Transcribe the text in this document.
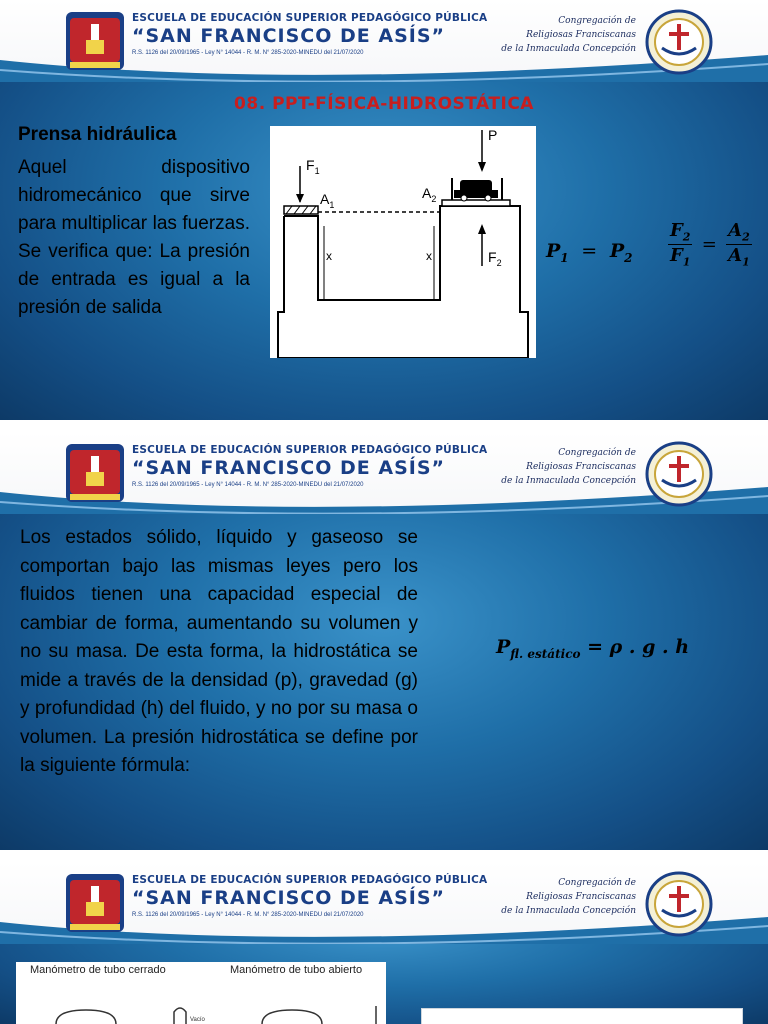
ESCUELA DE EDUCACIÓN SUPERIOR PEDAGÓGICO PÚBLICA
“SAN FRANCISCO DE ASÍS”
R.S. 1126 del 20/09/1965 - Ley N° 14044 - R. M. N° 285-2020-MINEDU del 21/07/2020
Congregación de
Religiosas Franciscanas
de la Inmaculada Concepción
08. PPT-FÍSICA-HIDROSTÁTICA
Prensa hidráulica
Aquel dispositivo hidromecánico que sirve para multiplicar las fuerzas. Se verifica que: La presión de entrada es igual a la presión de salida
$F_1$
$A_1$
$A_2$
P
$F_2$
x	x	$P_1 = P_2 \frac{F_2}{F_1} = \frac{A_2}{A_1}$
ESCUELA DE EDUCACIÓN SUPERIOR PEDAGÓGICO PÚBLICA
“SAN FRANCISCO DE ASÍS”
R.S. 1126 del 20/09/1965 - Ley N° 14044 - R. M. N° 285-2020-MINEDU del 21/07/2020
Congregación de
Religiosas Franciscanas
de la Inmaculada Concepción
Los estados sólido, líquido y gaseoso se comportan bajo las mismas leyes pero los fluidos tienen una capacidad especial de cambiar de forma, aumentando su volumen y no su masa. De esta forma, la hidrostática se mide a través de la densidad (p), gravedad (g) y profundidad (h) del fluido, y no por su masa o volumen. La presión hidrostática se define por la siguiente fórmula:
$P_{fl. estático} = \rho$ . g . h
ESCUELA DE EDUCACIÓN SUPERIOR PEDAGÓGICO PÚBLICA
“SAN FRANCISCO DE ASÍS”
R.S. 1126 del 20/09/1965 - Ley N° 14044 - R. M. N° 285-2020-MINEDU del 21/07/2020
Congregación de
Religiosas Franciscanas
de la Inmaculada Concepción
Manómetro de tubo cerrado	Manómetro de tubo abierto
Vacío
